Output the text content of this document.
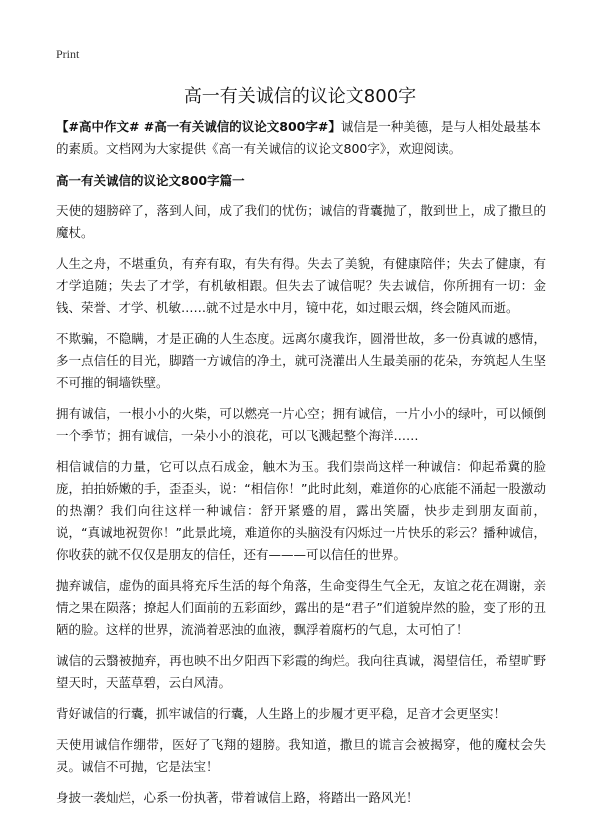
Print
高一有关诚信的议论文800字

【#高中作文# #高一有关诚信的议论文800字#】诚信是一种美德，是与人相处最基本的素质。文档网为大家提供《高一有关诚信的议论文800字》，欢迎阅读。

高一有关诚信的议论文800字篇一

天使的翅膀碎了，落到人间，成了我们的忧伤；诚信的背囊抛了，散到世上，成了撒旦的魔杖。

人生之舟，不堪重负，有弃有取，有失有得。失去了美貌，有健康陪伴；失去了健康，有才学追随；失去了才学，有机敏相跟。但失去了诚信呢？失去诚信，你所拥有一切：金钱、荣誉、才学、机敏……就不过是水中月，镜中花，如过眼云烟，终会随风而逝。

不欺骗，不隐瞒，才是正确的人生态度。远离尔虞我诈，圆滑世故，多一份真诚的感情，多一点信任的目光，脚踏一方诚信的净土，就可浇灌出人生最美丽的花朵，夯筑起人生坚不可摧的铜墙铁壁。

拥有诚信，一根小小的火柴，可以燃亮一片心空；拥有诚信，一片小小的绿叶，可以倾倒一个季节；拥有诚信，一朵小小的浪花，可以飞溅起整个海洋……

相信诚信的力量，它可以点石成金，触木为玉。我们崇尚这样一种诚信：仰起希冀的脸庞，拍拍娇嫩的手，歪歪头，说：“相信你！”此时此刻，难道你的心底能不涌起一股激动的热潮？我们向往这样一种诚信：舒开紧蹙的眉，露出笑靥，快步走到朋友面前，说，“真诚地祝贺你！”此景此境，难道你的头脑没有闪烁过一片快乐的彩云？播种诚信，你收获的就不仅仅是朋友的信任，还有———可以信任的世界。

抛弃诚信，虚伪的面具将充斥生活的每个角落，生命变得生气全无，友谊之花在凋谢，亲情之果在陨落；撩起人们面前的五彩面纱，露出的是“君子”们道貌岸然的脸，变了形的丑陋的脸。这样的世界，流淌着恶浊的血液，飘浮着腐朽的气息，太可怕了！

诚信的云翳被抛弃，再也映不出夕阳西下彩霞的绚烂。我向往真诚，渴望信任，希望旷野望天时，天蓝草碧，云白风清。

背好诚信的行囊，抓牢诚信的行囊，人生路上的步履才更平稳，足音才会更坚实！

天使用诚信作绷带，医好了飞翔的翅膀。我知道，撒旦的谎言会被揭穿，他的魔杖会失灵。诚信不可抛，它是法宝！

身披一袭灿烂，心系一份执著，带着诚信上路，将踏出一路风光！
